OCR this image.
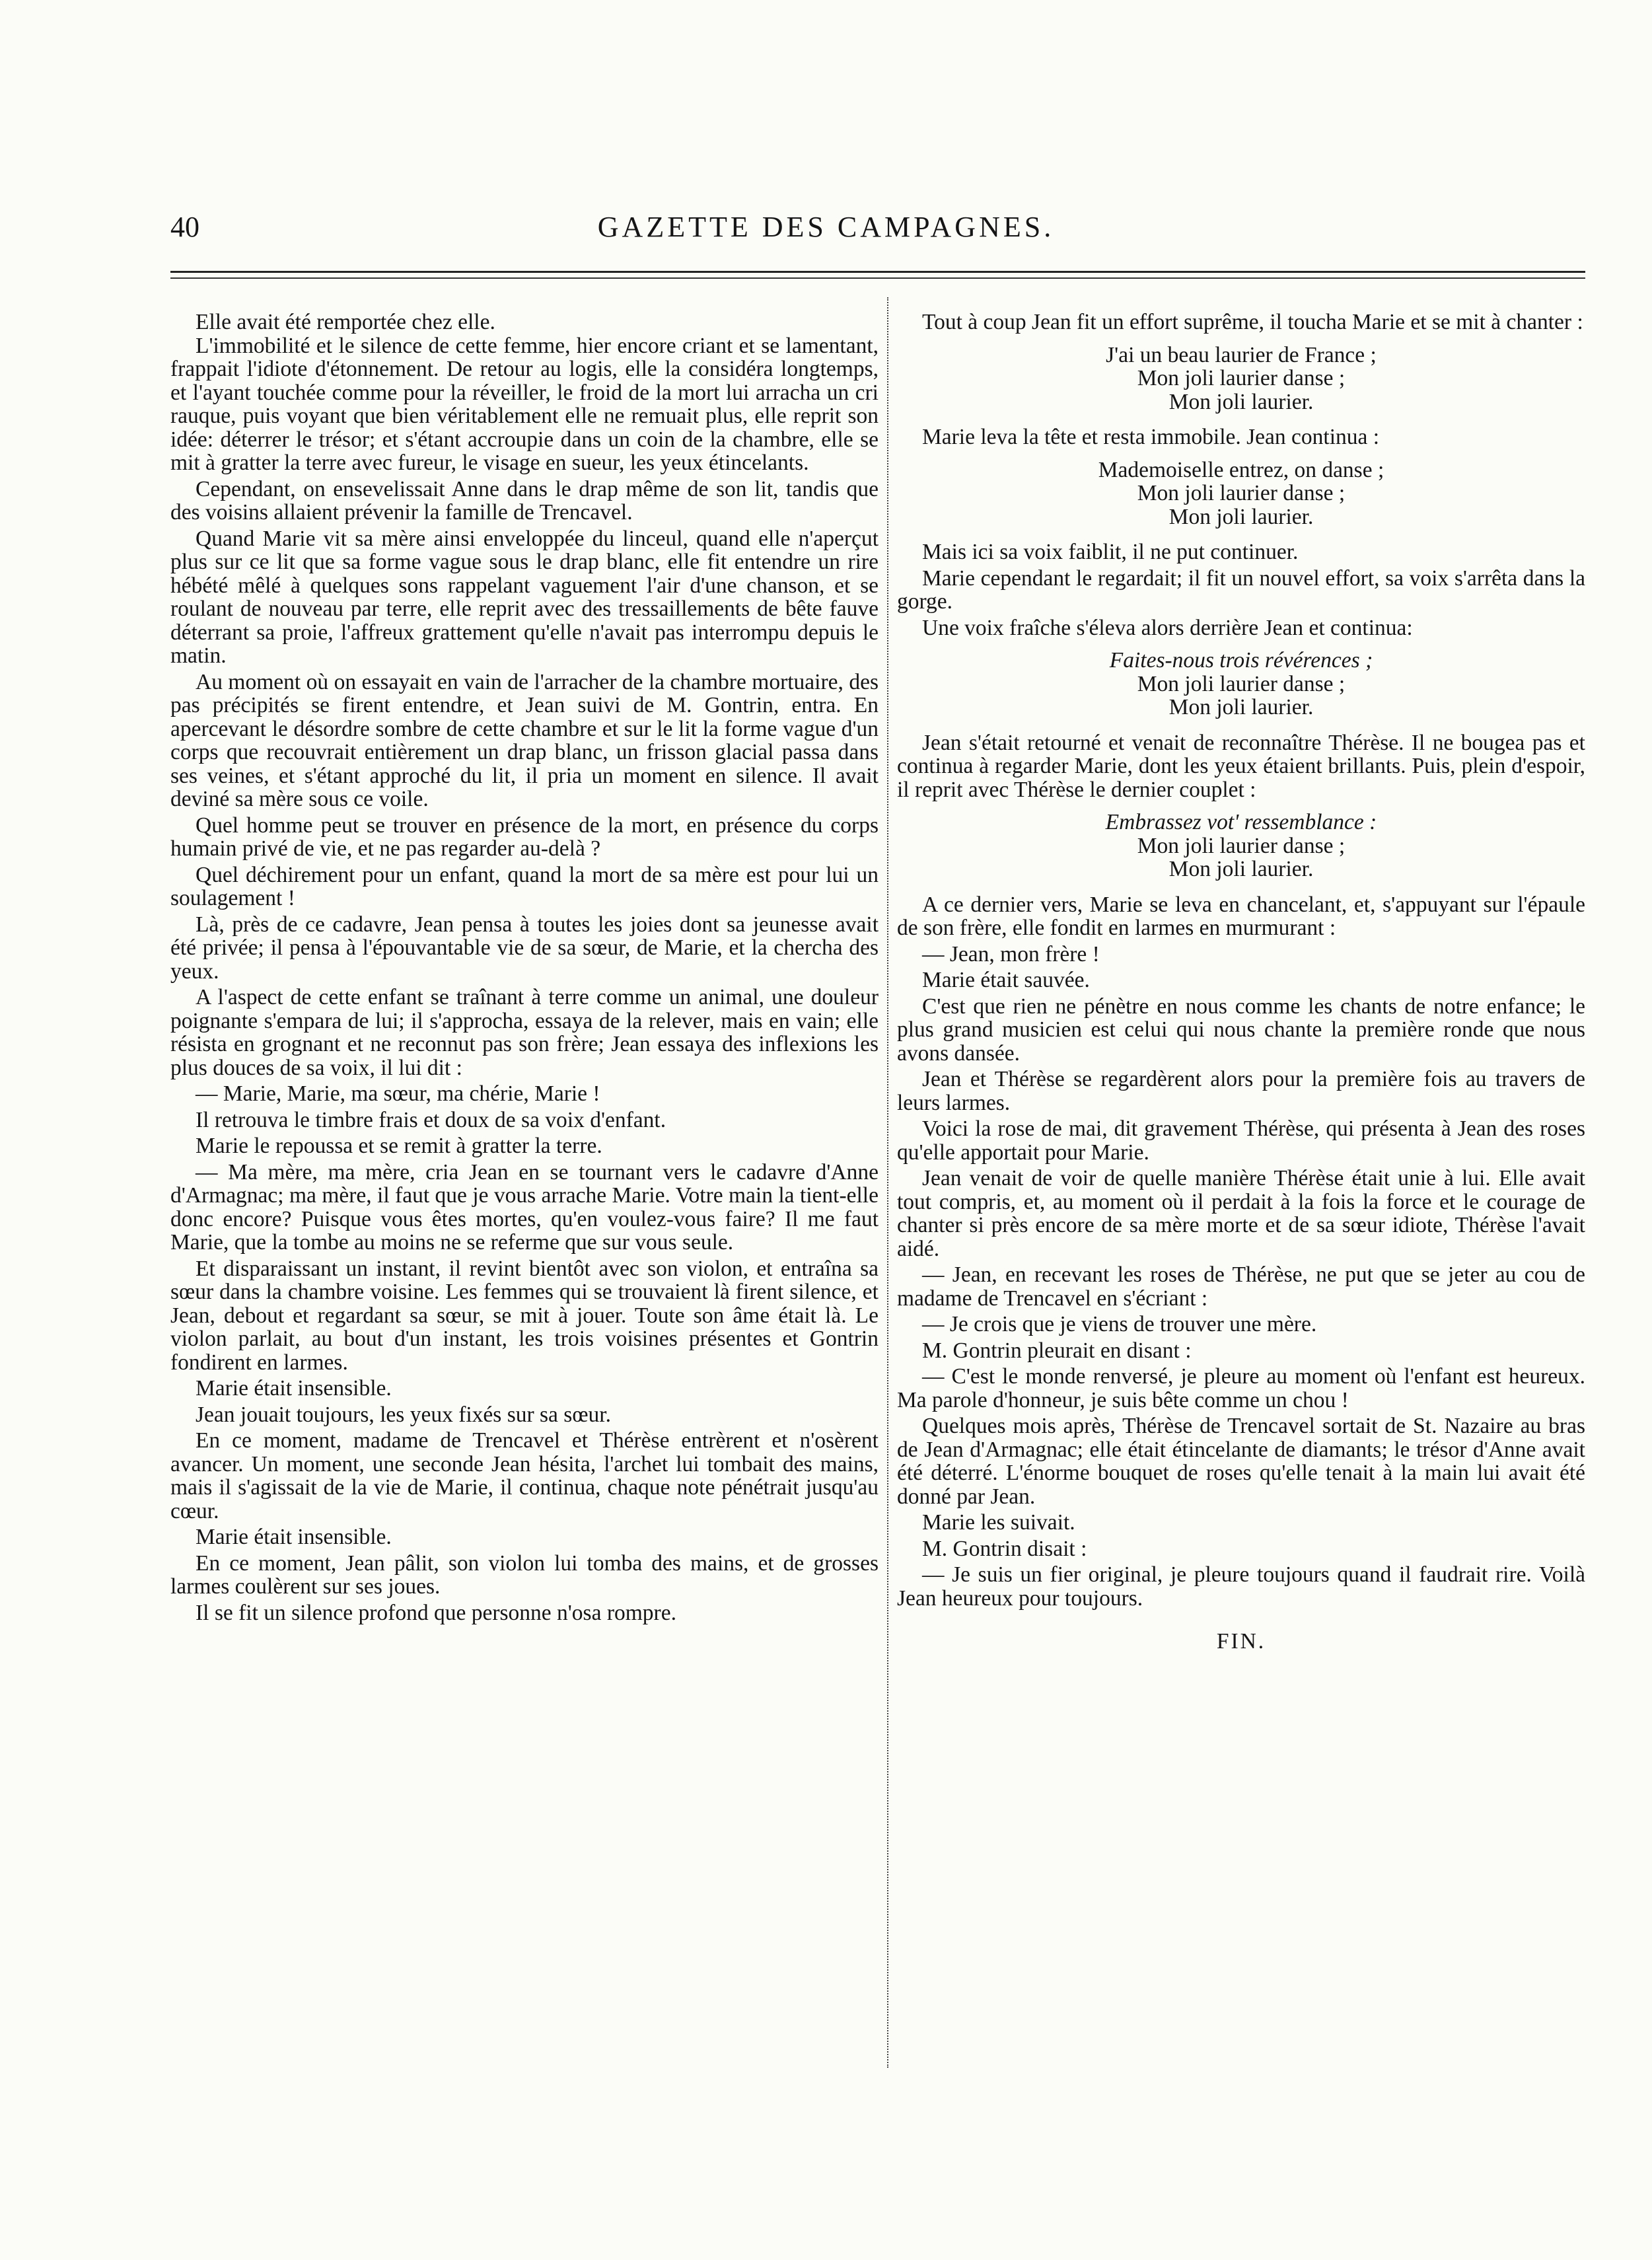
40	GAZETTE DES CAMPAGNES.

Elle avait été remportée chez elle.

L'immobilité et le silence de cette femme, hier encore criant et se lamentant, frappait l'idiote d'étonnement. De retour au logis, elle la considéra longtemps, et l'ayant touchée comme pour la réveiller, le froid de la mort lui arracha un cri rauque, puis voyant que bien véritablement elle ne remuait plus, elle reprit son idée: déterrer le trésor; et s'étant accroupie dans un coin de la chambre, elle se mit à gratter la terre avec fureur, le visage en sueur, les yeux étincelants.

Cependant, on ensevelissait Anne dans le drap même de son lit, tandis que des voisins allaient prévenir la famille de Trencavel.

Quand Marie vit sa mère ainsi enveloppée du linceul, quand elle n'aperçut plus sur ce lit que sa forme vague sous le drap blanc, elle fit entendre un rire hébété mêlé à quelques sons rappelant vaguement l'air d'une chanson, et se roulant de nouveau par terre, elle reprit avec des tressaillements de bête fauve déterrant sa proie, l'affreux grattement qu'elle n'avait pas interrompu depuis le matin.

Au moment où on essayait en vain de l'arracher de la chambre mortuaire, des pas précipités se firent entendre, et Jean suivi de M. Gontrin, entra. En apercevant le désordre sombre de cette chambre et sur le lit la forme vague d'un corps que recouvrait entièrement un drap blanc, un frisson glacial passa dans ses veines, et s'étant approché du lit, il pria un moment en silence. Il avait deviné sa mère sous ce voile.

Quel homme peut se trouver en présence de la mort, en présence du corps humain privé de vie, et ne pas regarder au-delà ?

Quel déchirement pour un enfant, quand la mort de sa mère est pour lui un soulagement !

Là, près de ce cadavre, Jean pensa à toutes les joies dont sa jeunesse avait été privée; il pensa à l'épouvantable vie de sa sœur, de Marie, et la chercha des yeux.

A l'aspect de cette enfant se traînant à terre comme un animal, une douleur poignante s'empara de lui; il s'approcha, essaya de la relever, mais en vain; elle résista en grognant et ne reconnut pas son frère; Jean essaya des inflexions les plus douces de sa voix, il lui dit :

— Marie, Marie, ma sœur, ma chérie, Marie !

Il retrouva le timbre frais et doux de sa voix d'enfant.

Marie le repoussa et se remit à gratter la terre.

— Ma mère, ma mère, cria Jean en se tournant vers le cadavre d'Anne d'Armagnac; ma mère, il faut que je vous arrache Marie. Votre main la tient-elle donc encore? Puisque vous êtes mortes, qu'en voulez-vous faire? Il me faut Marie, que la tombe au moins ne se referme que sur vous seule.

Et disparaissant un instant, il revint bientôt avec son violon, et entraîna sa sœur dans la chambre voisine. Les femmes qui se trouvaient là firent silence, et Jean, debout et regardant sa sœur, se mit à jouer. Toute son âme était là. Le violon parlait, au bout d'un instant, les trois voisines présentes et Gontrin fondirent en larmes.

Marie était insensible.

Jean jouait toujours, les yeux fixés sur sa sœur.

En ce moment, madame de Trencavel et Thérèse entrèrent et n'osèrent avancer. Un moment, une seconde Jean hésita, l'archet lui tombait des mains, mais il s'agissait de la vie de Marie, il continua, chaque note pénétrait jusqu'au cœur.

Marie était insensible.

En ce moment, Jean pâlit, son violon lui tomba des mains, et de grosses larmes coulèrent sur ses joues.

Il se fit un silence profond que personne n'osa rompre.

Tout à coup Jean fit un effort suprême, il toucha Marie et se mit à chanter :

J'ai un beau laurier de France ;
Mon joli laurier danse ;
Mon joli laurier.

Marie leva la tête et resta immobile. Jean continua :

Mademoiselle entrez, on danse ;
Mon joli laurier danse ;
Mon joli laurier.

Mais ici sa voix faiblit, il ne put continuer.

Marie cependant le regardait; il fit un nouvel effort, sa voix s'arrêta dans la gorge.

Une voix fraîche s'éleva alors derrière Jean et continua:

Faites-nous trois révérences ;
Mon joli laurier danse ;
Mon joli laurier.

Jean s'était retourné et venait de reconnaître Thérèse. Il ne bougea pas et continua à regarder Marie, dont les yeux étaient brillants. Puis, plein d'espoir, il reprit avec Thérèse le dernier couplet :

Embrassez vot' ressemblance :
Mon joli laurier danse ;
Mon joli laurier.

A ce dernier vers, Marie se leva en chancelant, et, s'appuyant sur l'épaule de son frère, elle fondit en larmes en murmurant :

— Jean, mon frère !

Marie était sauvée.

C'est que rien ne pénètre en nous comme les chants de notre enfance; le plus grand musicien est celui qui nous chante la première ronde que nous avons dansée.

Jean et Thérèse se regardèrent alors pour la première fois au travers de leurs larmes.

Voici la rose de mai, dit gravement Thérèse, qui présenta à Jean des roses qu'elle apportait pour Marie.

Jean venait de voir de quelle manière Thérèse était unie à lui. Elle avait tout compris, et, au moment où il perdait à la fois la force et le courage de chanter si près encore de sa mère morte et de sa sœur idiote, Thérèse l'avait aidé.

— Jean, en recevant les roses de Thérèse, ne put que se jeter au cou de madame de Trencavel en s'écriant :

— Je crois que je viens de trouver une mère.

M. Gontrin pleurait en disant :

— C'est le monde renversé, je pleure au moment où l'enfant est heureux. Ma parole d'honneur, je suis bête comme un chou !

Quelques mois après, Thérèse de Trencavel sortait de St. Nazaire au bras de Jean d'Armagnac; elle était étincelante de diamants; le trésor d'Anne avait été déterré. L'énorme bouquet de roses qu'elle tenait à la main lui avait été donné par Jean.

Marie les suivait.

M. Gontrin disait :

— Je suis un fier original, je pleure toujours quand il faudrait rire. Voilà Jean heureux pour toujours.

FIN.
